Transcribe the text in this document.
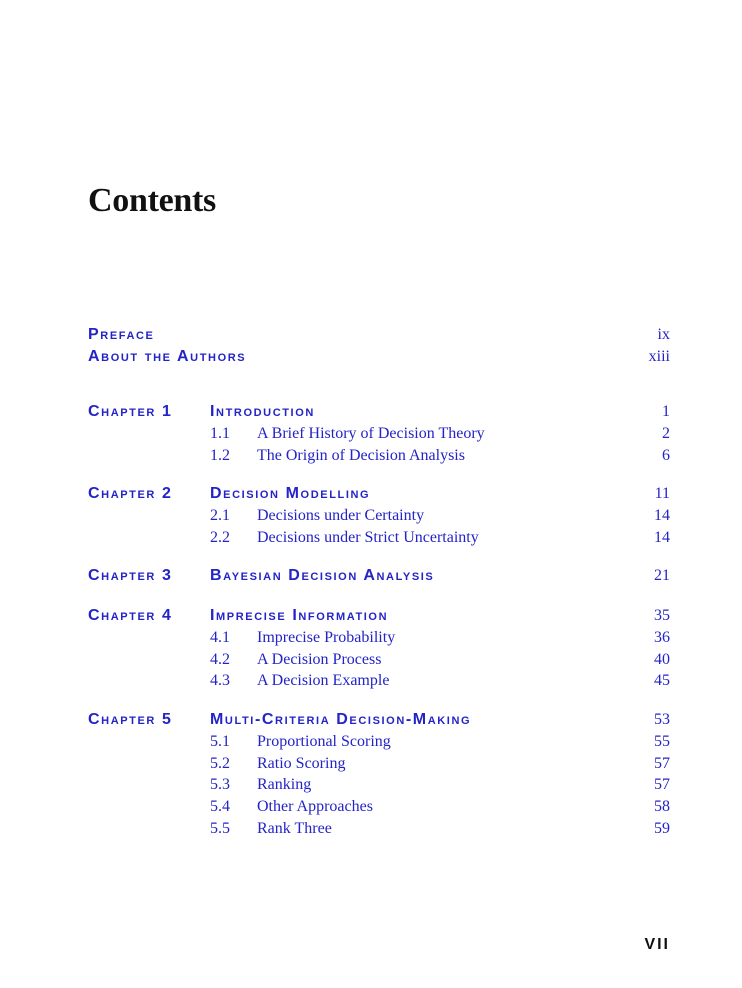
Contents
Preface	ix
About the Authors	xiii
Chapter 1 Introduction	1
1.1 A Brief History of Decision Theory	2
1.2 The Origin of Decision Analysis	6
Chapter 2 Decision Modelling	11
2.1 Decisions under Certainty	14
2.2 Decisions under Strict Uncertainty	14
Chapter 3 Bayesian Decision Analysis	21
Chapter 4 Imprecise Information	35
4.1 Imprecise Probability	36
4.2 A Decision Process	40
4.3 A Decision Example	45
Chapter 5 Multi-Criteria Decision-Making	53
5.1 Proportional Scoring	55
5.2 Ratio Scoring	57
5.3 Ranking	57
5.4 Other Approaches	58
5.5 Rank Three	59
VII
